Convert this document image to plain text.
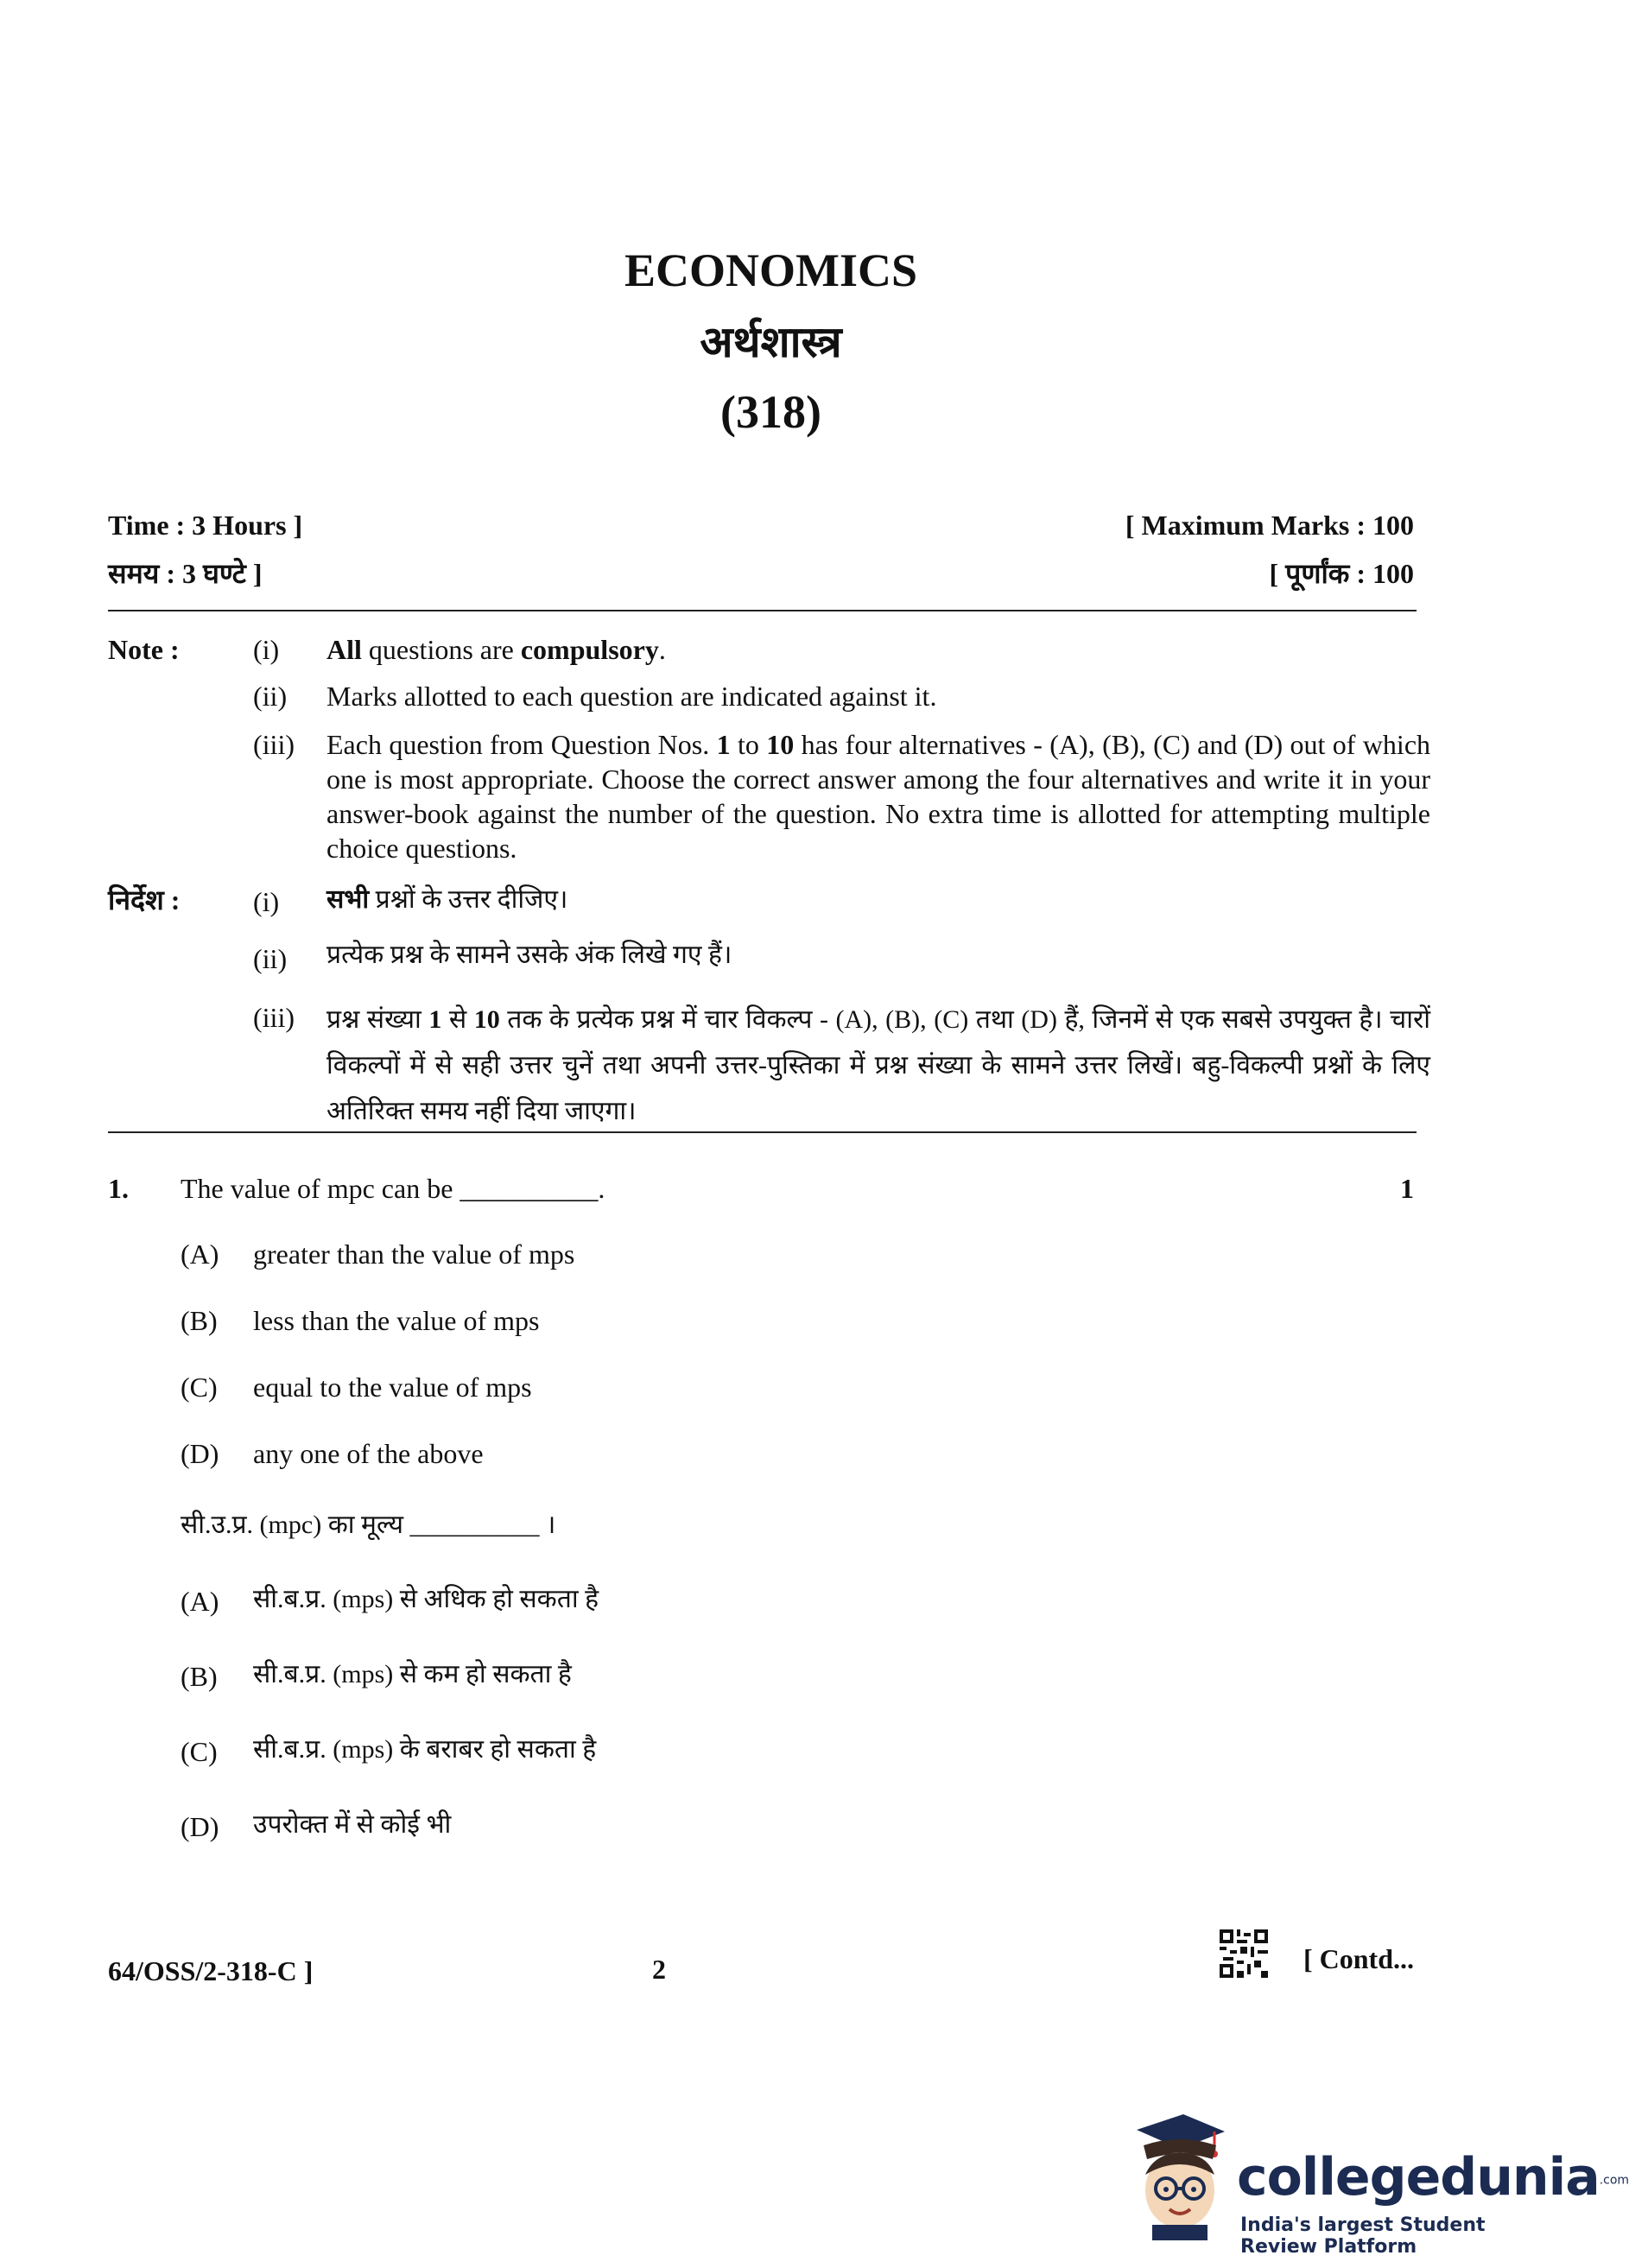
ECONOMICS
अर्थशास्त्र
(318)
Time : 3 Hours ]	[ Maximum Marks : 100
समय : 3 घण्टे ]	[ पूर्णांक : 100
Note :	(i) All questions are compulsory.
(ii) Marks allotted to each question are indicated against it.
(iii) Each question from Question Nos. 1 to 10 has four alternatives - (A), (B), (C) and (D) out of which one is most appropriate. Choose the correct answer among the four alternatives and write it in your answer-book against the number of the question. No extra time is allotted for attempting multiple choice questions.
निर्देश :	(i) सभी प्रश्नों के उत्तर दीजिए।
(ii) प्रत्येक प्रश्न के सामने उसके अंक लिखे गए हैं।
(iii) प्रश्न संख्या 1 से 10 तक के प्रत्येक प्रश्न में चार विकल्प - (A), (B), (C) तथा (D) हैं, जिनमें से एक सबसे उपयुक्त है। चारों विकल्पों में से सही उत्तर चुनें तथा अपनी उत्तर-पुस्तिका में प्रश्न संख्या के सामने उत्तर लिखें। बहु-विकल्पी प्रश्नों के लिए अतिरिक्त समय नहीं दिया जाएगा।
1. The value of mpc can be __________.	1
(A) greater than the value of mps
(B) less than the value of mps
(C) equal to the value of mps
(D) any one of the above
सी.उ.प्र. (mpc) का मूल्य __________ ।
(A) सी.ब.प्र. (mps) से अधिक हो सकता है
(B) सी.ब.प्र. (mps) से कम हो सकता है
(C) सी.ब.प्र. (mps) के बराबर हो सकता है
(D) उपरोक्त में से कोई भी
64/OSS/2-318-C ]	2	[ Contd...
collegedunia.com
India's largest Student Review Platform
